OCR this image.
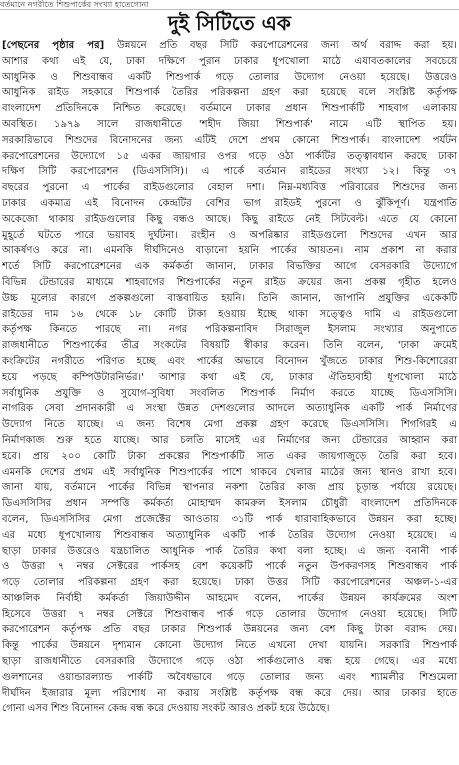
বর্তমানে নগরীতে শিশুপার্কের সংখ্যা হাতেগোনা
দুই সিটিতে এক
[পেছনের পৃষ্ঠার পর] উন্নয়নে প্রতি বছর সিটি করপোরেশনের জন্য অর্থ বরাদ্দ করা হয়।
আশার কথা এই যে, ঢাকা দক্ষিণে পুরান ঢাকার ধূপখোলা মাঠে এযাবতকালের সবচেয়ে
আধুনিক ও শিশুবান্ধব একটি শিশুপার্ক গড়ে তোলার উদ্যোগ নেওয়া হয়েছে। উত্তরেও
আধুনিক রাইড সহকারে শিশুপার্ক তৈরির পরিকল্পনা গ্রহণ করা হয়েছে বলে সংশ্লিষ্ট কর্তৃপক্ষ
বাংলাদেশ প্রতিদিনকে নিশ্চিত করেছে। বর্তমানে ঢাকার প্রধান শিশুপার্কটি শাহবাগ এলাকায়
অবস্থিত। ১৯৭৯ সালে রাজধানীতে 'শহীদ জিয়া শিশুপার্ক' নামে এটি স্থাপিত হয়।
সরকারিভাবে শিশুদের বিনোদনের জন্য এটিই দেশে প্রথম কোনো শিশুপার্ক। বাংলাদেশ পর্যটন
করপোরেশনের উদ্যোগে ১৫ একর জায়গার ওপর গড়ে ওঠা পার্কটির তত্ত্বাবধান করছে ঢাকা
দক্ষিণ সিটি করপোরেশন (ডিএসসিসি)। এ পার্কে বর্তমান রাইডের সংখ্যা ১২। কিন্তু ৩৭
বছরের পুরনো এ পার্কের রাইডগুলোর বেহাল দশা। নিম্ন-মধ্যবিত্ত পরিবারের শিশুদের জন্য
ঢাকার একমাত্র এই বিনোদন কেন্দ্রটির বেশির ভাগ রাইডই পুরনো ও ঝুঁকিপূর্ণ। যন্ত্রপাতি
অকেজো থাকায় রাইডগুলোর কিছু বন্ধও আছে। কিছু রাইডে নেই সিটবেল্ট। এতে যে কোনো
মুহূর্তে ঘটতে পারে ভয়াবহ দুর্ঘটনা। রংহীন ও অপরিষ্কার রাইডগুলো শিশুদের এখন আর
আকর্ষণও করে না। এমনকি দীর্ঘদিনেও বাড়ানো হয়নি পার্কের আয়তন। নাম প্রকাশ না করার
শর্তে সিটি করপোরেশনের এক কর্মকর্তা জানান, ঢাকার বিভক্তির আগে বেসরকারি উদ্যোগে
বিভিন্ন টেন্ডারের মাধ্যমে শাহবাগের শিশুপার্কের নতুন রাইড ক্রয়ের জন্য প্রকল্প গৃহীত হলেও
উচ্চ মূল্যের কারণে প্রকল্পগুলো বাস্তবায়িত হয়নি। তিনি জানান, জাপানি প্রযুক্তির একেকটি
রাইডের দাম ১৬ থেকে ১৮ কোটি টাকা হওয়ায় ইচ্ছে থাকা সত্ত্বেও দামি এ রাইডগুলো
কর্তৃপক্ষ কিনতে পারছে না। নগর পরিকল্পনাবিদ সিরাজুল ইসলাম সংখ্যার অনুপাতে
রাজধানীতে শিশুপার্কের তীব্র সংকটের বিষয়টি স্বীকার করেন। তিনি বলেন, 'ঢাকা ক্রমেই
কংক্রিটের নগরীতে পরিণত হচ্ছে এবং পার্কের অভাবে বিনোদন খুঁজতে ঢাকার শিশু-কিশোরেরা
হয়ে পড়ছে কম্পিউটারনির্ভর।' আশার কথা এই যে, ঢাকার ঐতিহ্যবাহী ধূপখোলা মাঠে
সর্বাধুনিক প্রযুক্তি ও সুযোগ-সুবিধা সংবলিত শিশুপার্ক নির্মাণ করতে যাচ্ছে ডিএসসিসি।
নাগরিক সেবা প্রদানকারী এ সংস্থা উন্নত দেশগুলোর আদলে অত্যাধুনিক একটি পার্ক নির্মাণের
উদ্যোগ নিতে যাচ্ছে। এ জন্য বিশেষ মেগা প্রকল্প গ্রহণ করেছে ডিএসসিসি। শিগগিরই এ
নির্মাণকাজ শুরু হতে যাচ্ছে। আর চলতি মাসেই এর নির্মাণের জন্য টেন্ডারের আহ্বান করা
হবে। প্রায় ২০০ কোটি টাকা প্রকল্পের শিশুপার্কটি সাত একর জায়গাজুড়ে তৈরি করা হবে।
এমনকি দেশের প্রথম এই সর্বাধুনিক শিশুপার্কের পাশে থাকবে খেলার মাঠের জন্য স্থানও রাখা হবে।
জানা যায়, বর্তমানে পার্কের বিভিন্ন স্থাপনার নকশা তৈরির কাজ প্রায় চূড়ান্ত পর্যায়ে রয়েছে।
ডিএসসিসির প্রধান সম্পত্তি কর্মকর্তা মোহাম্মদ কামরুল ইসলাম চৌধুরী বাংলাদেশ প্রতিদিনকে
বলেন, ডিএসসিসির মেগা প্রজেক্টের আওতায় ৩১টি পার্ক ধারাবাহিকভাবে উন্নয়ন করা হচ্ছে।
এর মধ্যে ধূপখোলায় শিশুবান্ধব অত্যাধুনিক একটি পার্ক তৈরির উদ্যোগ নেওয়া হয়েছে। এ
ছাড়া ঢাকার উত্তরেও যন্ত্রচালিত আধুনিক পার্ক তৈরির কথা বলা হচ্ছে। এ জন্য বনানী পার্ক
ও উত্তরা ৭ নম্বর সেক্টরের পার্কসহ বেশ কয়েকটি পার্কে নতুন উপকরণসহ শিশুবান্ধব পার্ক
গড়ে তোলার পরিকল্পনা গ্রহণ করা হয়েছে। ঢাকা উত্তর সিটি করপোরেশনের অঞ্চল-১-এর
আঞ্চলিক নির্বাহী কর্মকর্তা জিয়াউদ্দীন আহমেদ বলেন, পার্কের উন্নয়ন কার্যক্রমের অংশ
হিসেবে উত্তরা ৭ নম্বর সেক্টরে শিশুবান্ধব পার্ক গড়ে তোলার উদ্যোগ নেওয়া হয়েছে। সিটি
করপোরেশন কর্তৃপক্ষ প্রতি বছর ঢাকার শিশুপার্ক উন্নয়নের জন্য বেশ কিছু টাকা বরাদ্দ দেয়।
কিন্তু পার্কের উন্নয়নে দৃশ্যমান কোনো উদ্যোগ নিতে এখনো দেখা যায়নি। সরকারি শিশুপার্ক
ছাড়া রাজধানীতে বেসরকারি উদ্যোগে গড়ে ওঠা পার্কগুলোও বন্ধ হয়ে গেছে। এর মধ্যে
গুলশানের ওয়ান্ডারল্যান্ড পার্কটি অবৈধভাবে গড়ে তোলার জন্য এবং শ্যামলীর শিশুমেলা
দীর্ঘদিন ইজারার মূল্য পরিশোধ না করায় সংশ্লিষ্ট কর্তৃপক্ষ বন্ধ করে দেয়। আর ঢাকার হাতে
গোনা এসব শিশু বিনোদন কেন্দ্র বন্ধ করে দেওয়ায় সংকট আরও প্রকট হয়ে উঠেছে।
